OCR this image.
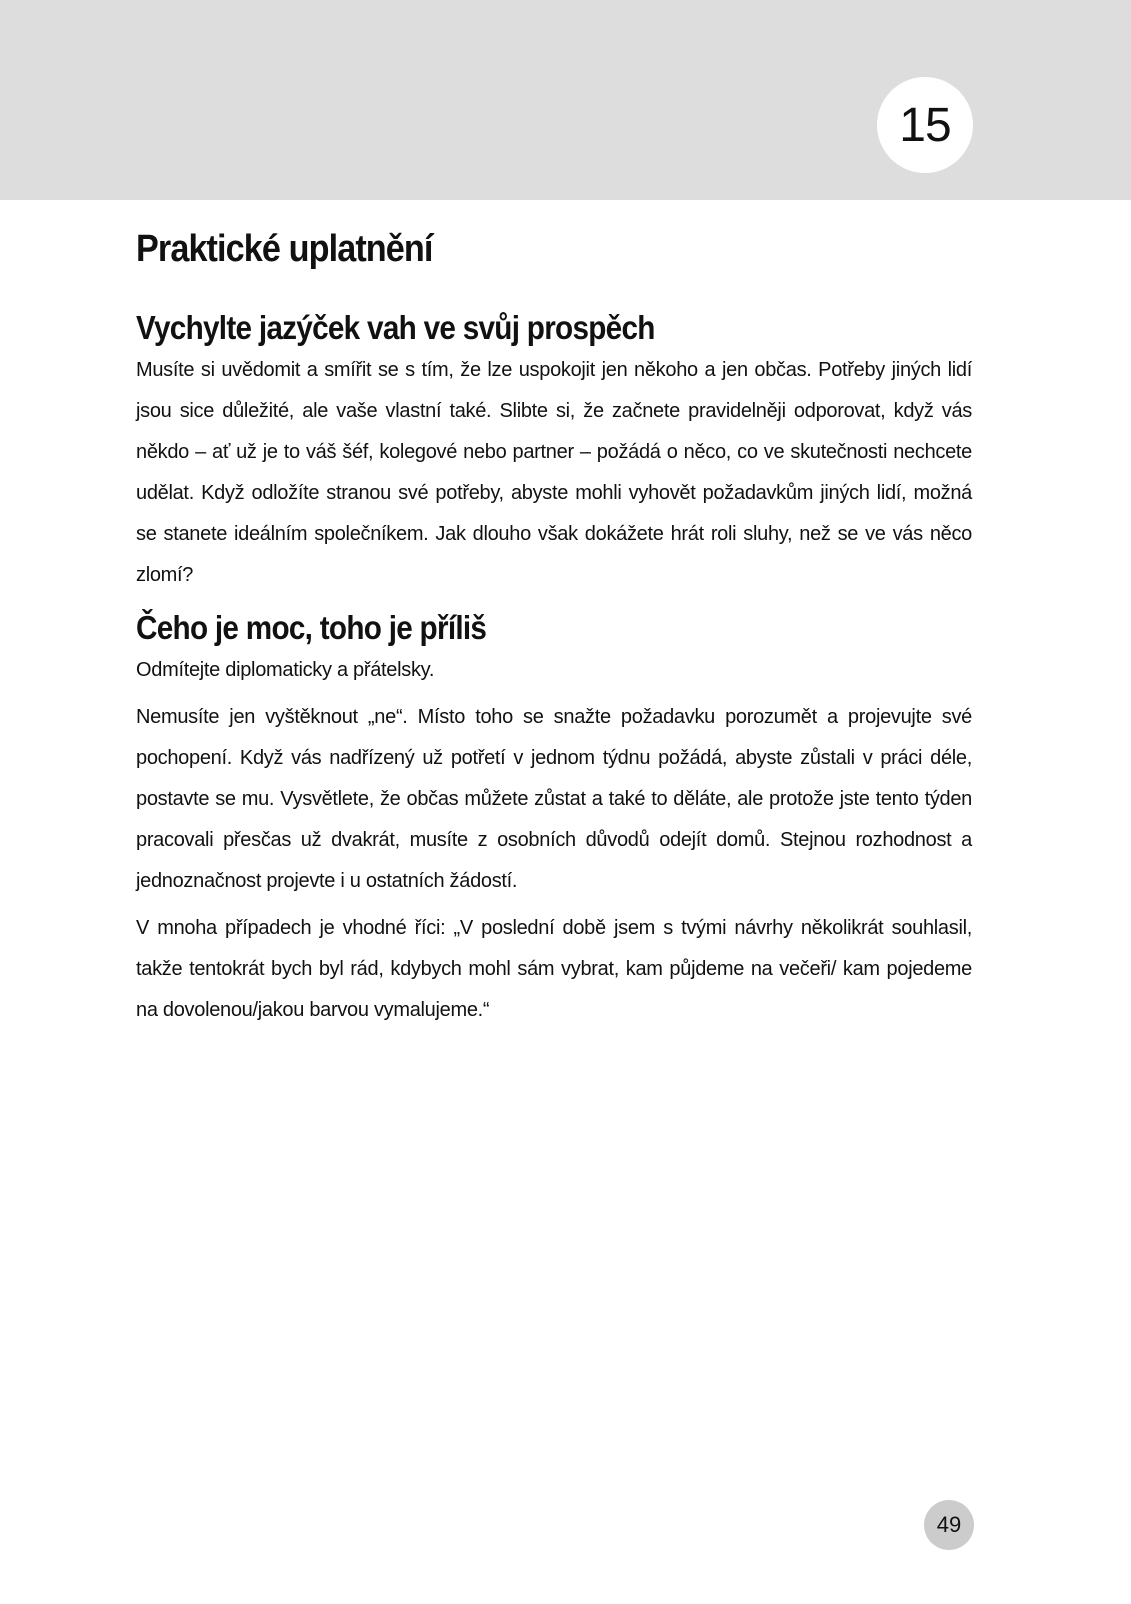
15
Praktické uplatnění
Vychylte jazýček vah ve svůj prospěch

Musíte si uvědomit a smířit se s tím, že lze uspokojit jen někoho a jen občas. Potřeby jiných lidí jsou sice důležité, ale vaše vlastní také. Slibte si, že začnete pravidelněji odporovat, když vás někdo – ať už je to váš šéf, kolegové nebo partner – požádá o něco, co ve skutečnosti nechcete udělat. Když odložíte stranou své potřeby, abyste mohli vyhovět požadavkům jiných lidí, možná se stanete ideálním společníkem. Jak dlouho však dokážete hrát roli sluhy, než se ve vás něco zlomí?

Čeho je moc, toho je příliš

Odmítejte diplomaticky a přátelsky.

Nemusíte jen vyštěknout „ne“. Místo toho se snažte požadavku porozumět a projevujte své pochopení. Když vás nadřízený už potřetí v jednom týdnu požádá, abyste zůstali v práci déle, postavte se mu. Vysvětlete, že občas můžete zůstat a také to děláte, ale protože jste tento týden pracovali přesčas už dvakrát, musíte z osobních důvodů odejít domů. Stejnou rozhodnost a jednoznačnost projevte i u ostatních žádostí.

V mnoha případech je vhodné říci: „V poslední době jsem s tvými návrhy několikrát souhlasil, takže tentokrát bych byl rád, kdybych mohl sám vybrat, kam půjdeme na večeři/ kam pojedeme na dovolenou/jakou barvou vymalujeme.“

49
